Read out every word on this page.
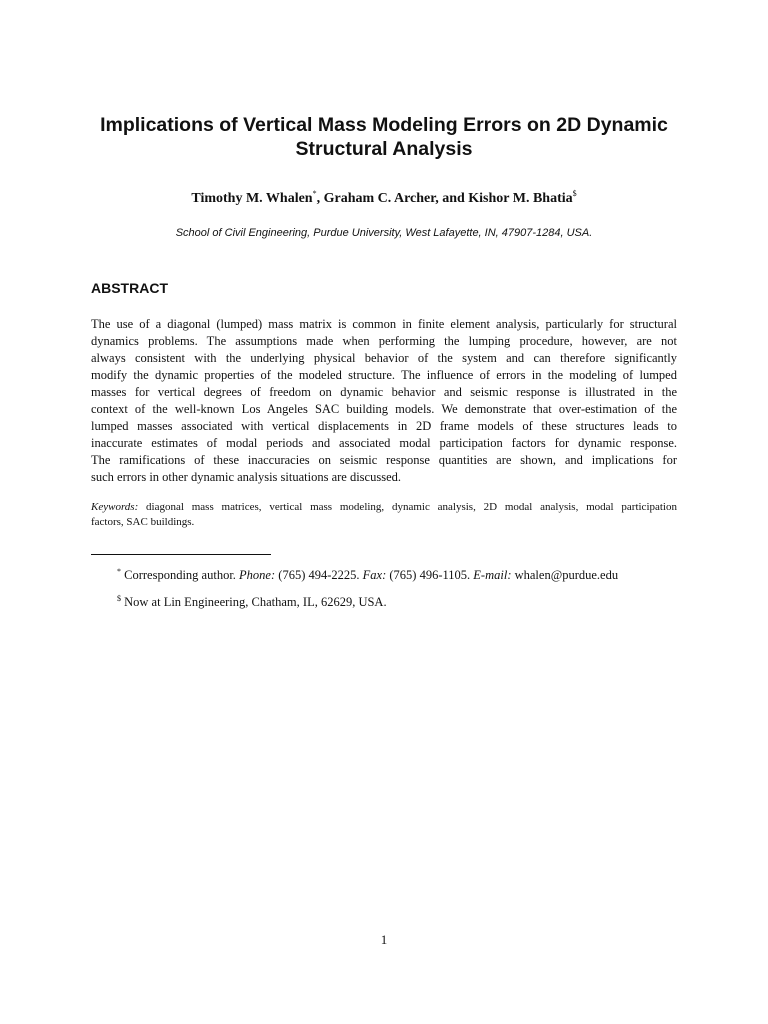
Implications of Vertical Mass Modeling Errors on 2D Dynamic
Structural Analysis
Timothy M. Whalen*, Graham C. Archer, and Kishor M. Bhatia$
School of Civil Engineering, Purdue University, West Lafayette, IN, 47907-1284, USA.
ABSTRACT
The use of a diagonal (lumped) mass matrix is common in finite element analysis, particularly for structural
dynamics problems. The assumptions made when performing the lumping procedure, however, are not
always consistent with the underlying physical behavior of the system and can therefore significantly
modify the dynamic properties of the modeled structure. The influence of errors in the modeling of lumped
masses for vertical degrees of freedom on dynamic behavior and seismic response is illustrated in the
context of the well-known Los Angeles SAC building models. We demonstrate that over-estimation of the
lumped masses associated with vertical displacements in 2D frame models of these structures leads to
inaccurate estimates of modal periods and associated modal participation factors for dynamic response.
The ramifications of these inaccuracies on seismic response quantities are shown, and implications for
such errors in other dynamic analysis situations are discussed.
Keywords: diagonal mass matrices, vertical mass modeling, dynamic analysis, 2D modal analysis, modal participation
factors, SAC buildings.
* Corresponding author. Phone: (765) 494-2225. Fax: (765) 496-1105. E-mail: whalen@purdue.edu
$ Now at Lin Engineering, Chatham, IL, 62629, USA.
1
